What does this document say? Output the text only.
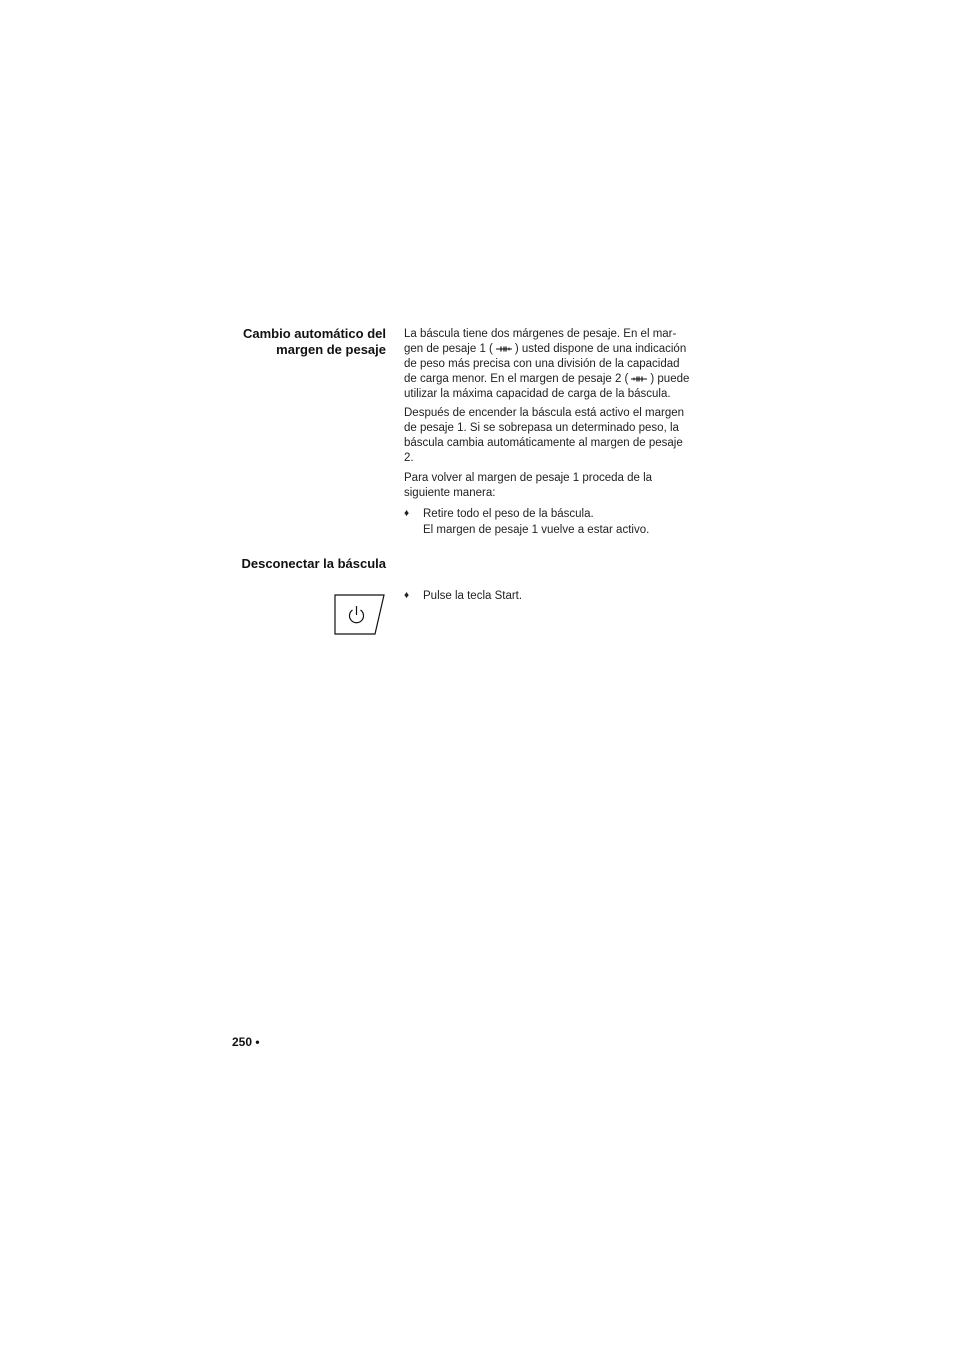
Cambio automático del
margen de pesaje
La báscula tiene dos márgenes de pesaje. En el mar-
gen de pesaje 1 ( ) usted dispone de una indicación
de peso más precisa con una división de la capacidad
de carga menor. En el margen de pesaje 2 ( ) puede
utilizar la máxima capacidad de carga de la báscula.
Después de encender la báscula está activo el margen
de pesaje 1. Si se sobrepasa un determinado peso, la
báscula cambia automáticamente al margen de pesaje
2.
Para volver al margen de pesaje 1 proceda de la
siguiente manera:
♦ Retire todo el peso de la báscula.
El margen de pesaje 1 vuelve a estar activo.
Desconectar la báscula
♦ Pulse la tecla Start.
250 •
